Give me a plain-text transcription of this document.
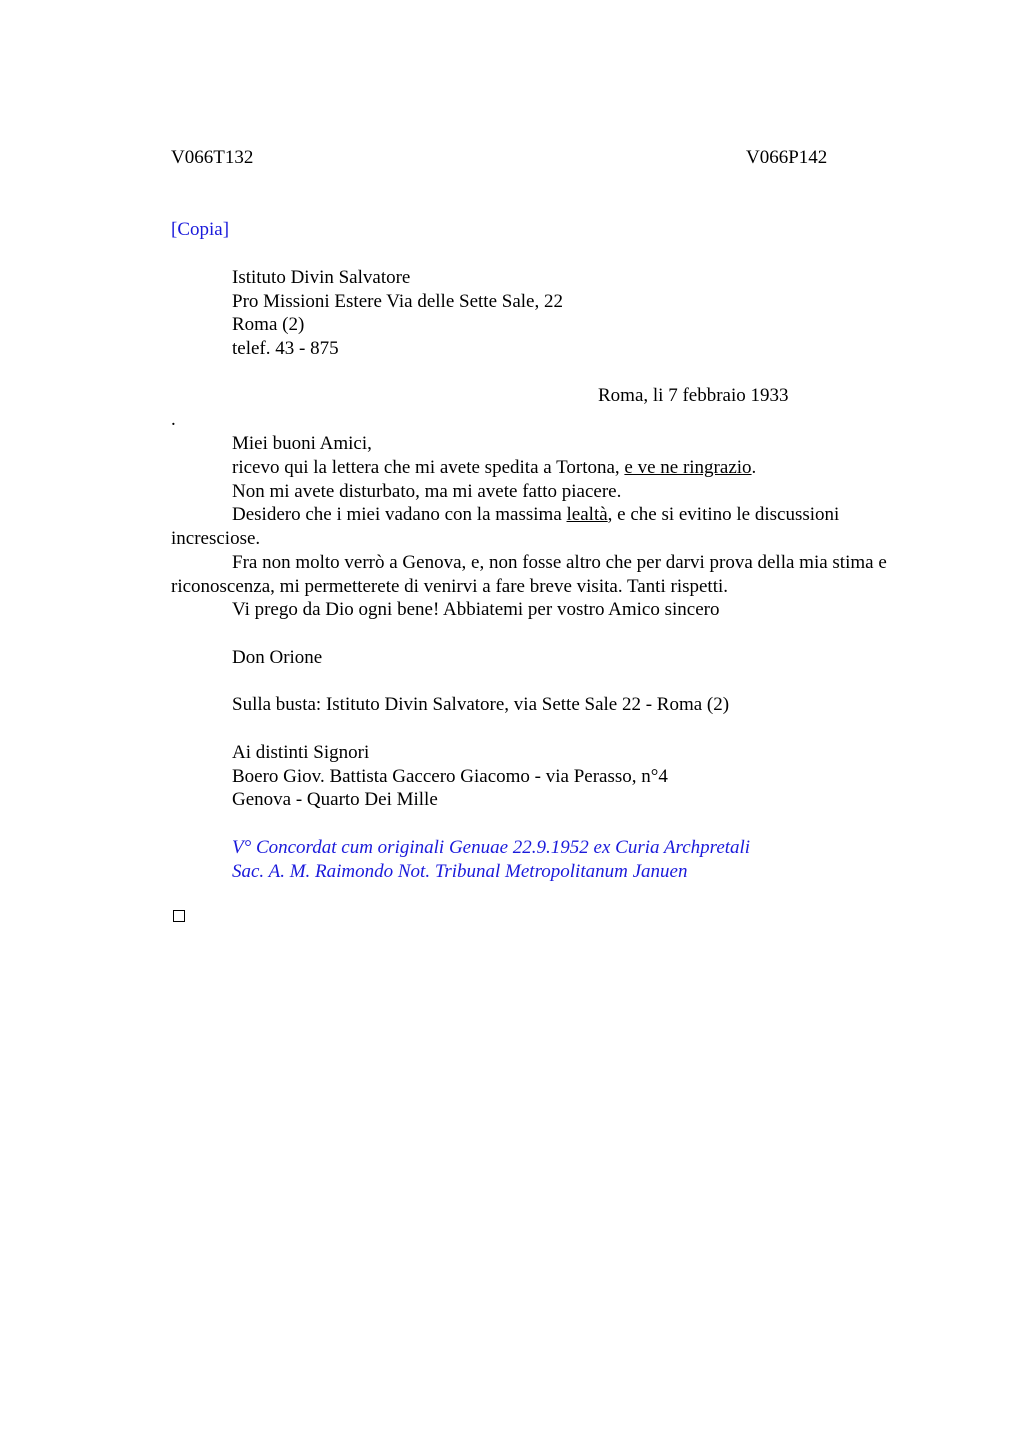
V066T132	V066P142
[Copia]
Istituto Divin Salvatore
Pro Missioni Estere Via delle Sette Sale, 22
Roma (2)
telef. 43 - 875
Roma, li 7 febbraio 1933
.
Miei buoni Amici,
ricevo qui la lettera che mi avete spedita a Tortona, e ve ne ringrazio.
Non mi avete disturbato, ma mi avete fatto piacere.
Desidero che i miei vadano con la massima lealtà, e che si evitino le discussioni incresciose.
Fra non molto verrò a Genova, e, non fosse altro che per darvi prova della mia stima e riconoscenza, mi permetterete di venirvi a fare breve visita. Tanti rispetti.
Vi prego da Dio ogni bene! Abbiatemi per vostro Amico sincero
Don Orione
Sulla busta: Istituto Divin Salvatore, via Sette Sale 22 - Roma (2)
Ai distinti Signori
Boero Giov. Battista Gaccero Giacomo - via Perasso, n°4
Genova - Quarto Dei Mille
V° Concordat cum originali Genuae 22.9.1952 ex Curia Archpretali
Sac. A. M. Raimondo Not. Tribunal Metropolitanum Januen
